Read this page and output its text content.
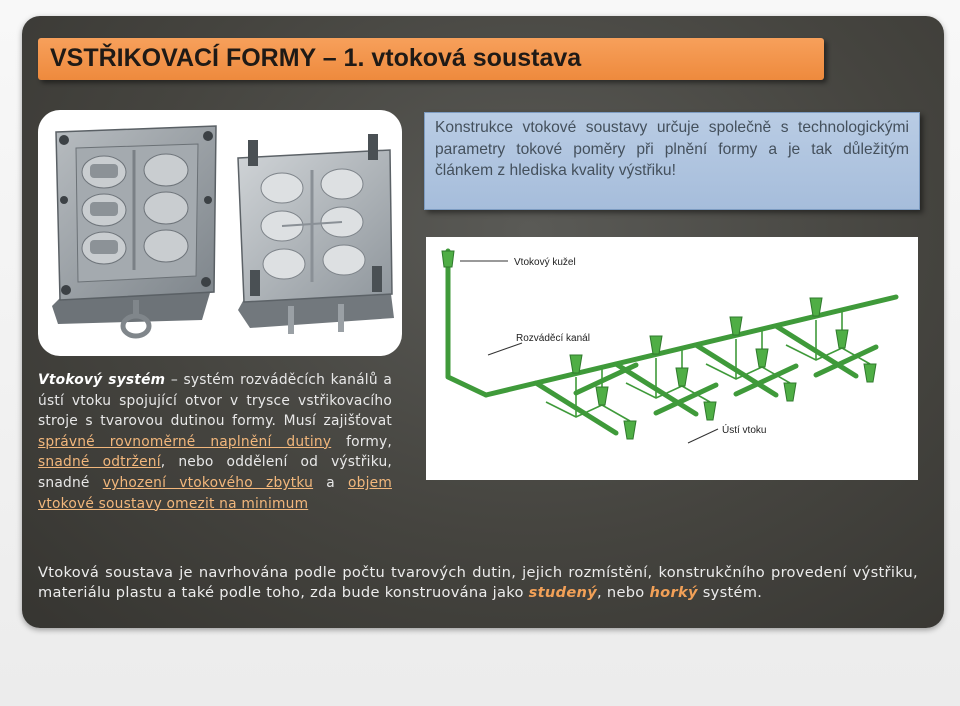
VSTŘIKOVACÍ FORMY – 1. vtoková soustava
Konstrukce vtokové soustavy určuje společně s technologickými parametry tokové poměry při plnění formy a je tak důležitým článkem z hlediska kvality výstřiku!
Vtokový kužel
Rozváděcí kanál
Ústí vtoku
Vtokový systém – systém rozváděcích kanálů a ústí vtoku spojující otvor v trysce vstřikovacího stroje s tvarovou dutinou formy. Musí zajišťovat správné rovnoměrné naplnění dutiny formy, snadné odtržení, nebo oddělení od výstřiku, snadné vyhození vtokového zbytku a objem vtokové soustavy omezit na minimum
Vtoková soustava je navrhována podle počtu tvarových dutin, jejich rozmístění, konstrukčního provedení výstřiku, materiálu plastu a také podle toho, zda bude konstruována jako studený, nebo horký systém.
